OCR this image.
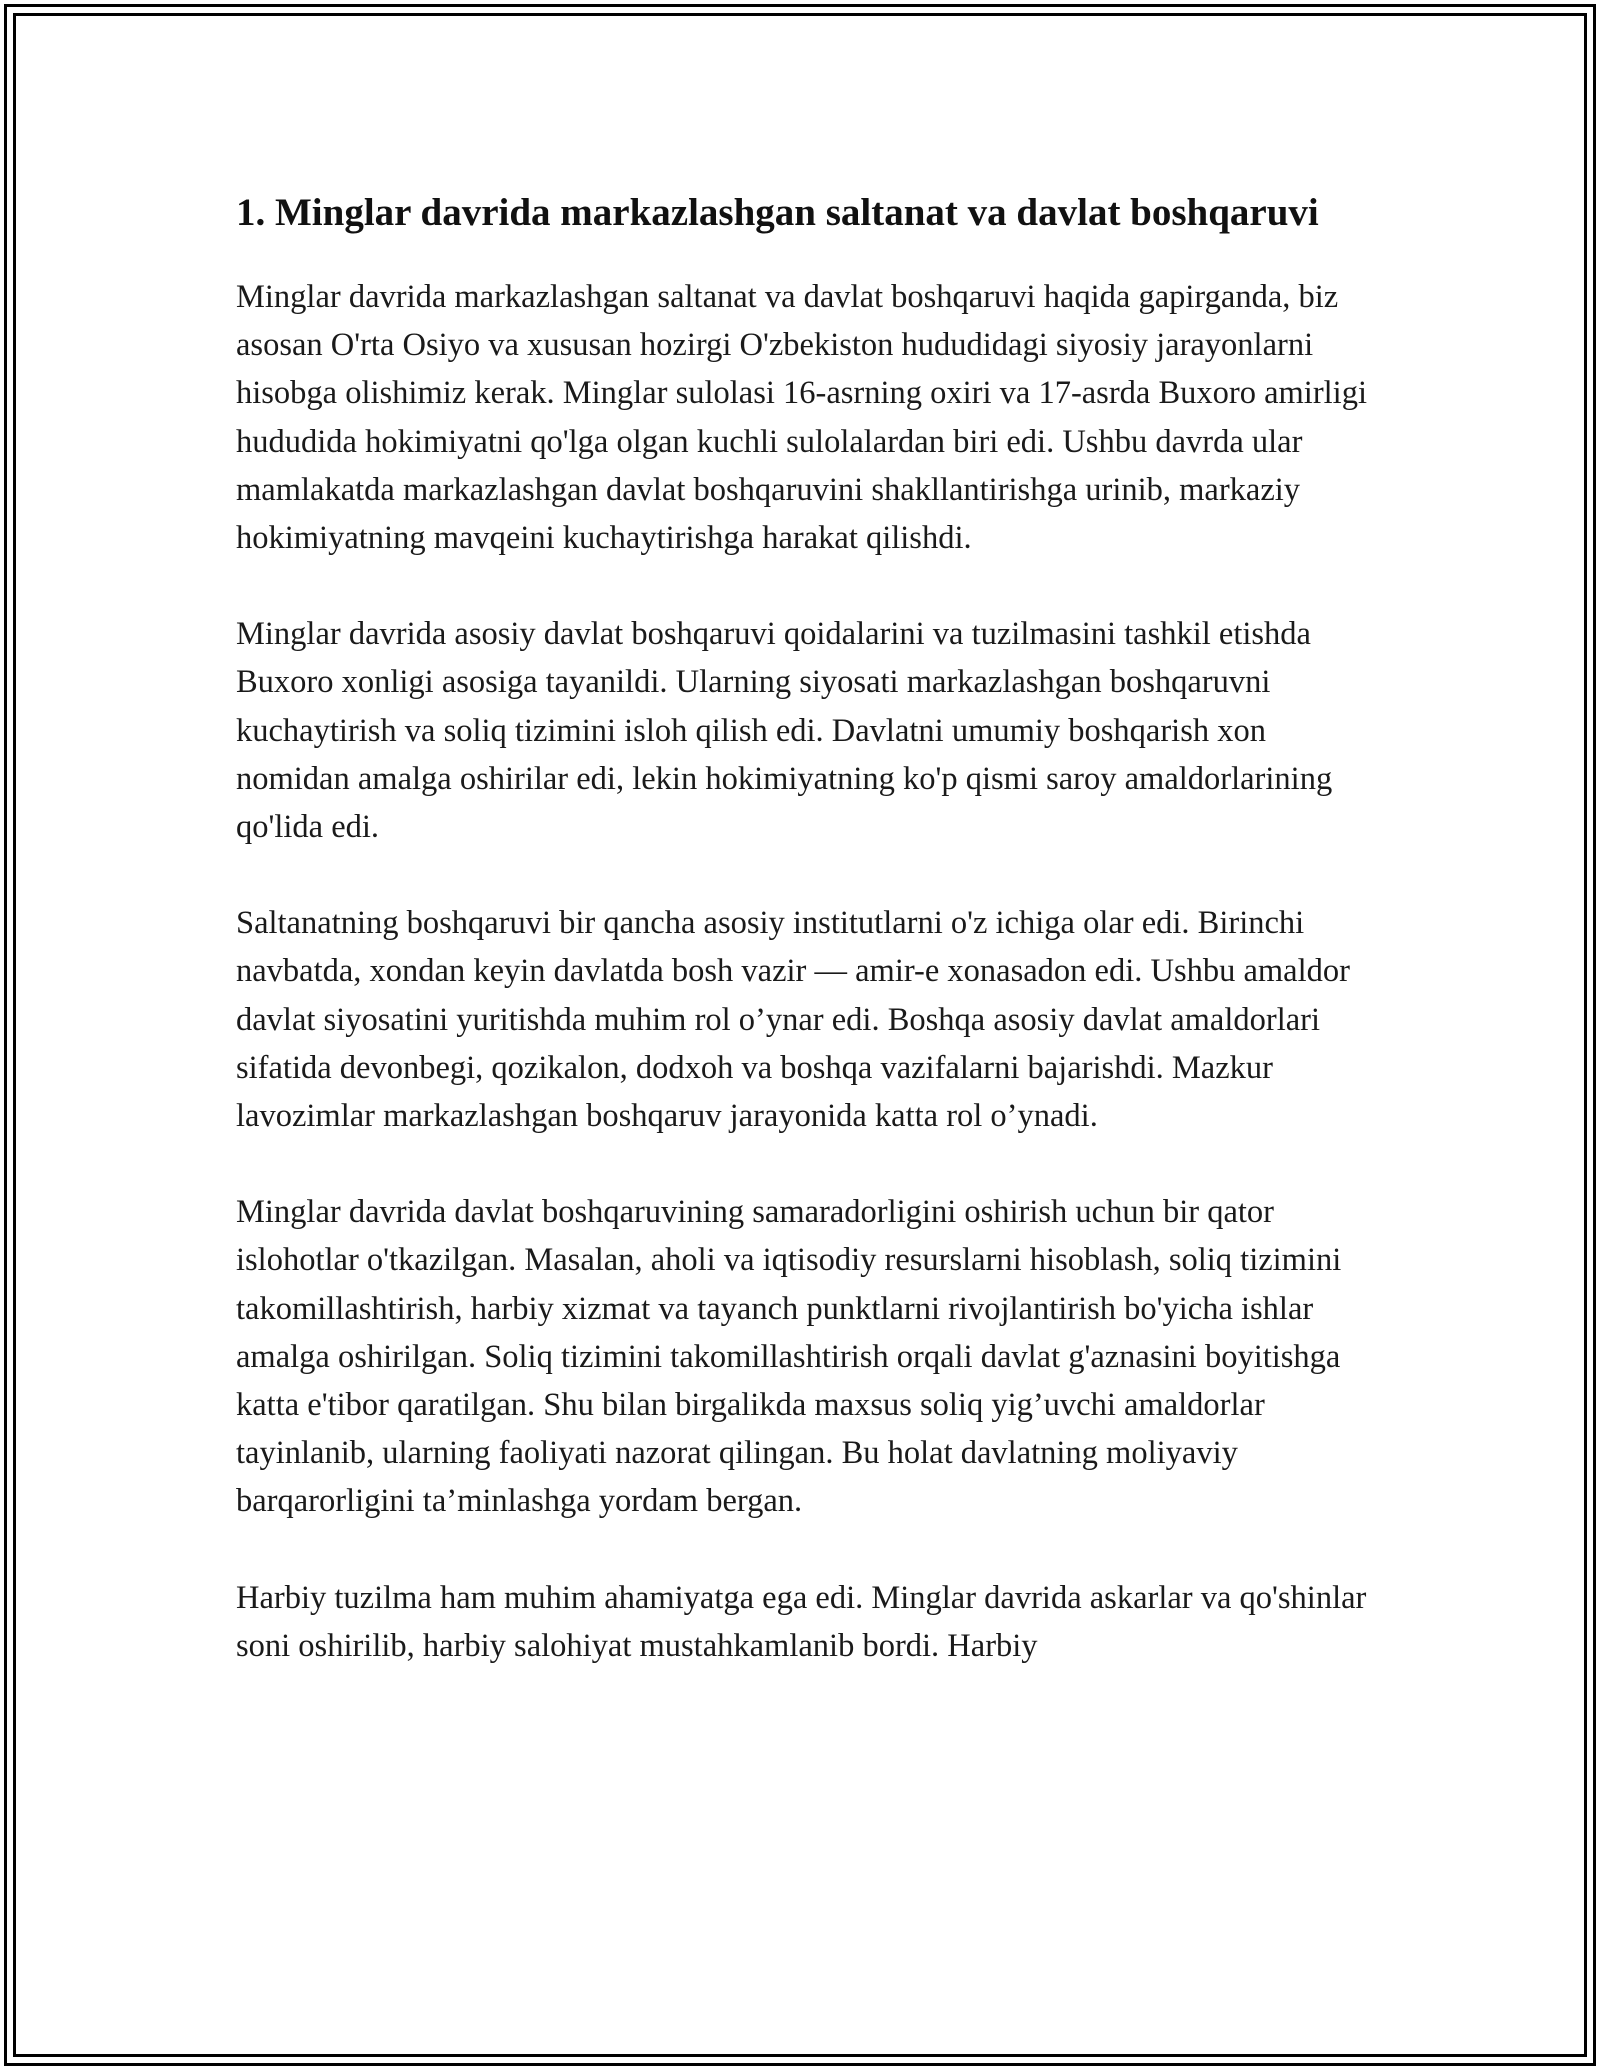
1. Minglar davrida markazlashgan saltanat va davlat boshqaruvi

Minglar davrida markazlashgan saltanat va davlat boshqaruvi haqida gapirganda, biz asosan O'rta Osiyo va xususan hozirgi O'zbekiston hududidagi siyosiy jarayonlarni hisobga olishimiz kerak. Minglar sulolasi 16-asrning oxiri va 17-asrda Buxoro amirligi hududida hokimiyatni qo'lga olgan kuchli sulolalardan biri edi. Ushbu davrda ular mamlakatda markazlashgan davlat boshqaruvini shakllantirishga urinib, markaziy hokimiyatning mavqeini kuchaytirishga harakat qilishdi.

Minglar davrida asosiy davlat boshqaruvi qoidalarini va tuzilmasini tashkil etishda Buxoro xonligi asosiga tayanildi. Ularning siyosati markazlashgan boshqaruvni kuchaytirish va soliq tizimini isloh qilish edi. Davlatni umumiy boshqarish xon nomidan amalga oshirilar edi, lekin hokimiyatning ko'p qismi saroy amaldorlarining qo'lida edi.

Saltanatning boshqaruvi bir qancha asosiy institutlarni o'z ichiga olar edi. Birinchi navbatda, xondan keyin davlatda bosh vazir — amir-e xonasadon edi. Ushbu amaldor davlat siyosatini yuritishda muhim rol o’ynar edi. Boshqa asosiy davlat amaldorlari sifatida devonbegi, qozikalon, dodxoh va boshqa vazifalarni bajarishdi. Mazkur lavozimlar markazlashgan boshqaruv jarayonida katta rol o’ynadi.

Minglar davrida davlat boshqaruvining samaradorligini oshirish uchun bir qator islohotlar o'tkazilgan. Masalan, aholi va iqtisodiy resurslarni hisoblash, soliq tizimini takomillashtirish, harbiy xizmat va tayanch punktlarni rivojlantirish bo'yicha ishlar amalga oshirilgan. Soliq tizimini takomillashtirish orqali davlat g'aznasini boyitishga katta e'tibor qaratilgan. Shu bilan birgalikda maxsus soliq yig’uvchi amaldorlar tayinlanib, ularning faoliyati nazorat qilingan. Bu holat davlatning moliyaviy barqarorligini ta’minlashga yordam bergan.

Harbiy tuzilma ham muhim ahamiyatga ega edi. Minglar davrida askarlar va qo'shinlar soni oshirilib, harbiy salohiyat mustahkamlanib bordi. Harbiy
